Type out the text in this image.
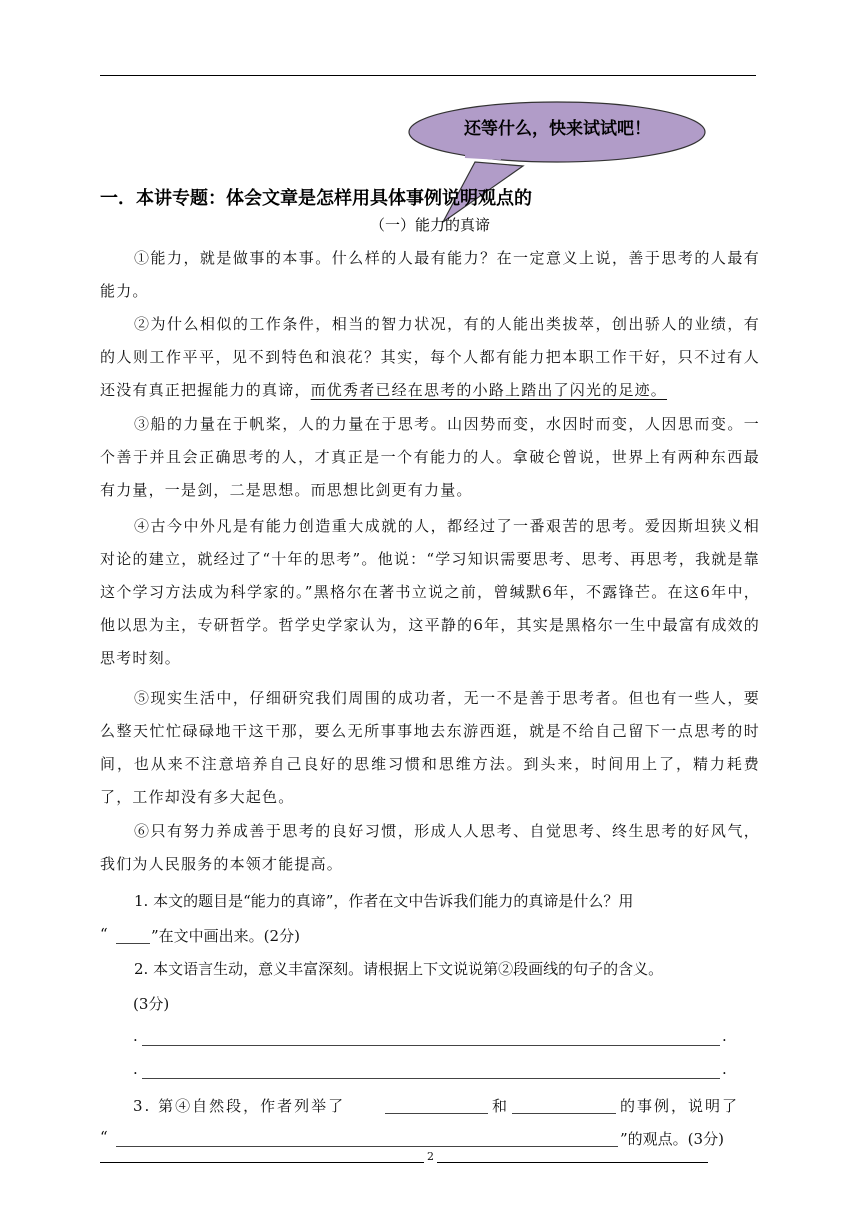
还等什么，快来试试吧！
一．本讲专题：体会文章是怎样用具体事例说明观点的
（一）能力的真谛

①能力，就是做事的本事。什么样的人最有能力？在一定意义上说，善于思考的人最有能力。

②为什么相似的工作条件，相当的智力状况，有的人能出类拔萃，创出骄人的业绩，有的人则工作平平，见不到特色和浪花？其实，每个人都有能力把本职工作干好，只不过有人还没有真正把握能力的真谛，而优秀者已经在思考的小路上踏出了闪光的足迹。

③船的力量在于帆桨，人的力量在于思考。山因势而变，水因时而变，人因思而变。一个善于并且会正确思考的人，才真正是一个有能力的人。拿破仑曾说，世界上有两种东西最有力量，一是剑，二是思想。而思想比剑更有力量。

④古今中外凡是有能力创造重大成就的人，都经过了一番艰苦的思考。爱因斯坦狭义相对论的建立，就经过了“十年的思考”。他说：“学习知识需要思考、思考、再思考，我就是靠这个学习方法成为科学家的。”黑格尔在著书立说之前，曾缄默6年，不露锋芒。在这6年中，他以思为主，专研哲学。哲学史学家认为，这平静的6年，其实是黑格尔一生中最富有成效的思考时刻。

⑤现实生活中，仔细研究我们周围的成功者，无一不是善于思考者。但也有一些人，要么整天忙忙碌碌地干这干那，要么无所事事地去东游西逛，就是不给自己留下一点思考的时间，也从来不注意培养自己良好的思维习惯和思维方法。到头来，时间用上了，精力耗费了，工作却没有多大起色。

⑥只有努力养成善于思考的良好习惯，形成人人思考、自觉思考、终生思考的好风气，我们为人民服务的本领才能提高。

1. 本文的题目是“能力的真谛”，作者在文中告诉我们能力的真谛是什么？用

“	”在文中画出来。(2分)

2. 本文语言生动，意义丰富深刻。请根据上下文说说第②段画线的句子的含义。

(3分)
.	.
.	.
3. 第④自然段，作者列举了	和	的事例，说明了
“	”的观点。(3分)
2
